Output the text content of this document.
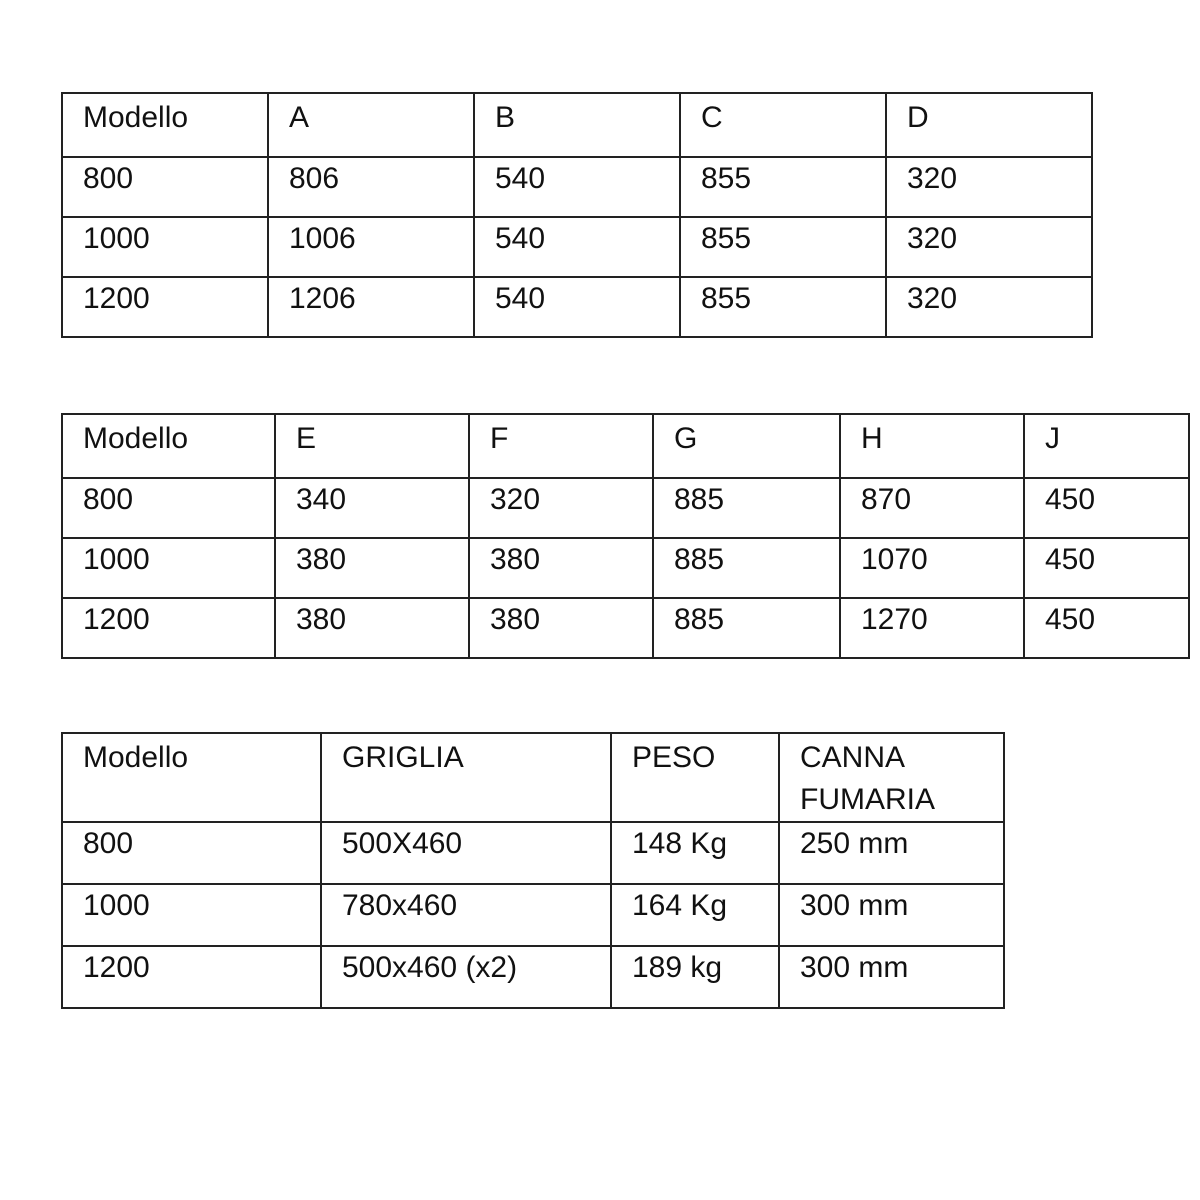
Modello	A	B	C	D
800	806	540	855	320
1000	1006	540	855	320
1200	1206	540	855	320
Modello	E	F	G	H	J
800	340	320	885	870	450
1000	380	380	885	1070	450
1200	380	380	885	1270	450
Modello	GRIGLIA	PESO	CANNA FUMARIA
800	500X460	148 Kg	250 mm
1000	780x460	164 Kg	300 mm
1200	500x460 (x2)	189 kg	300 mm
